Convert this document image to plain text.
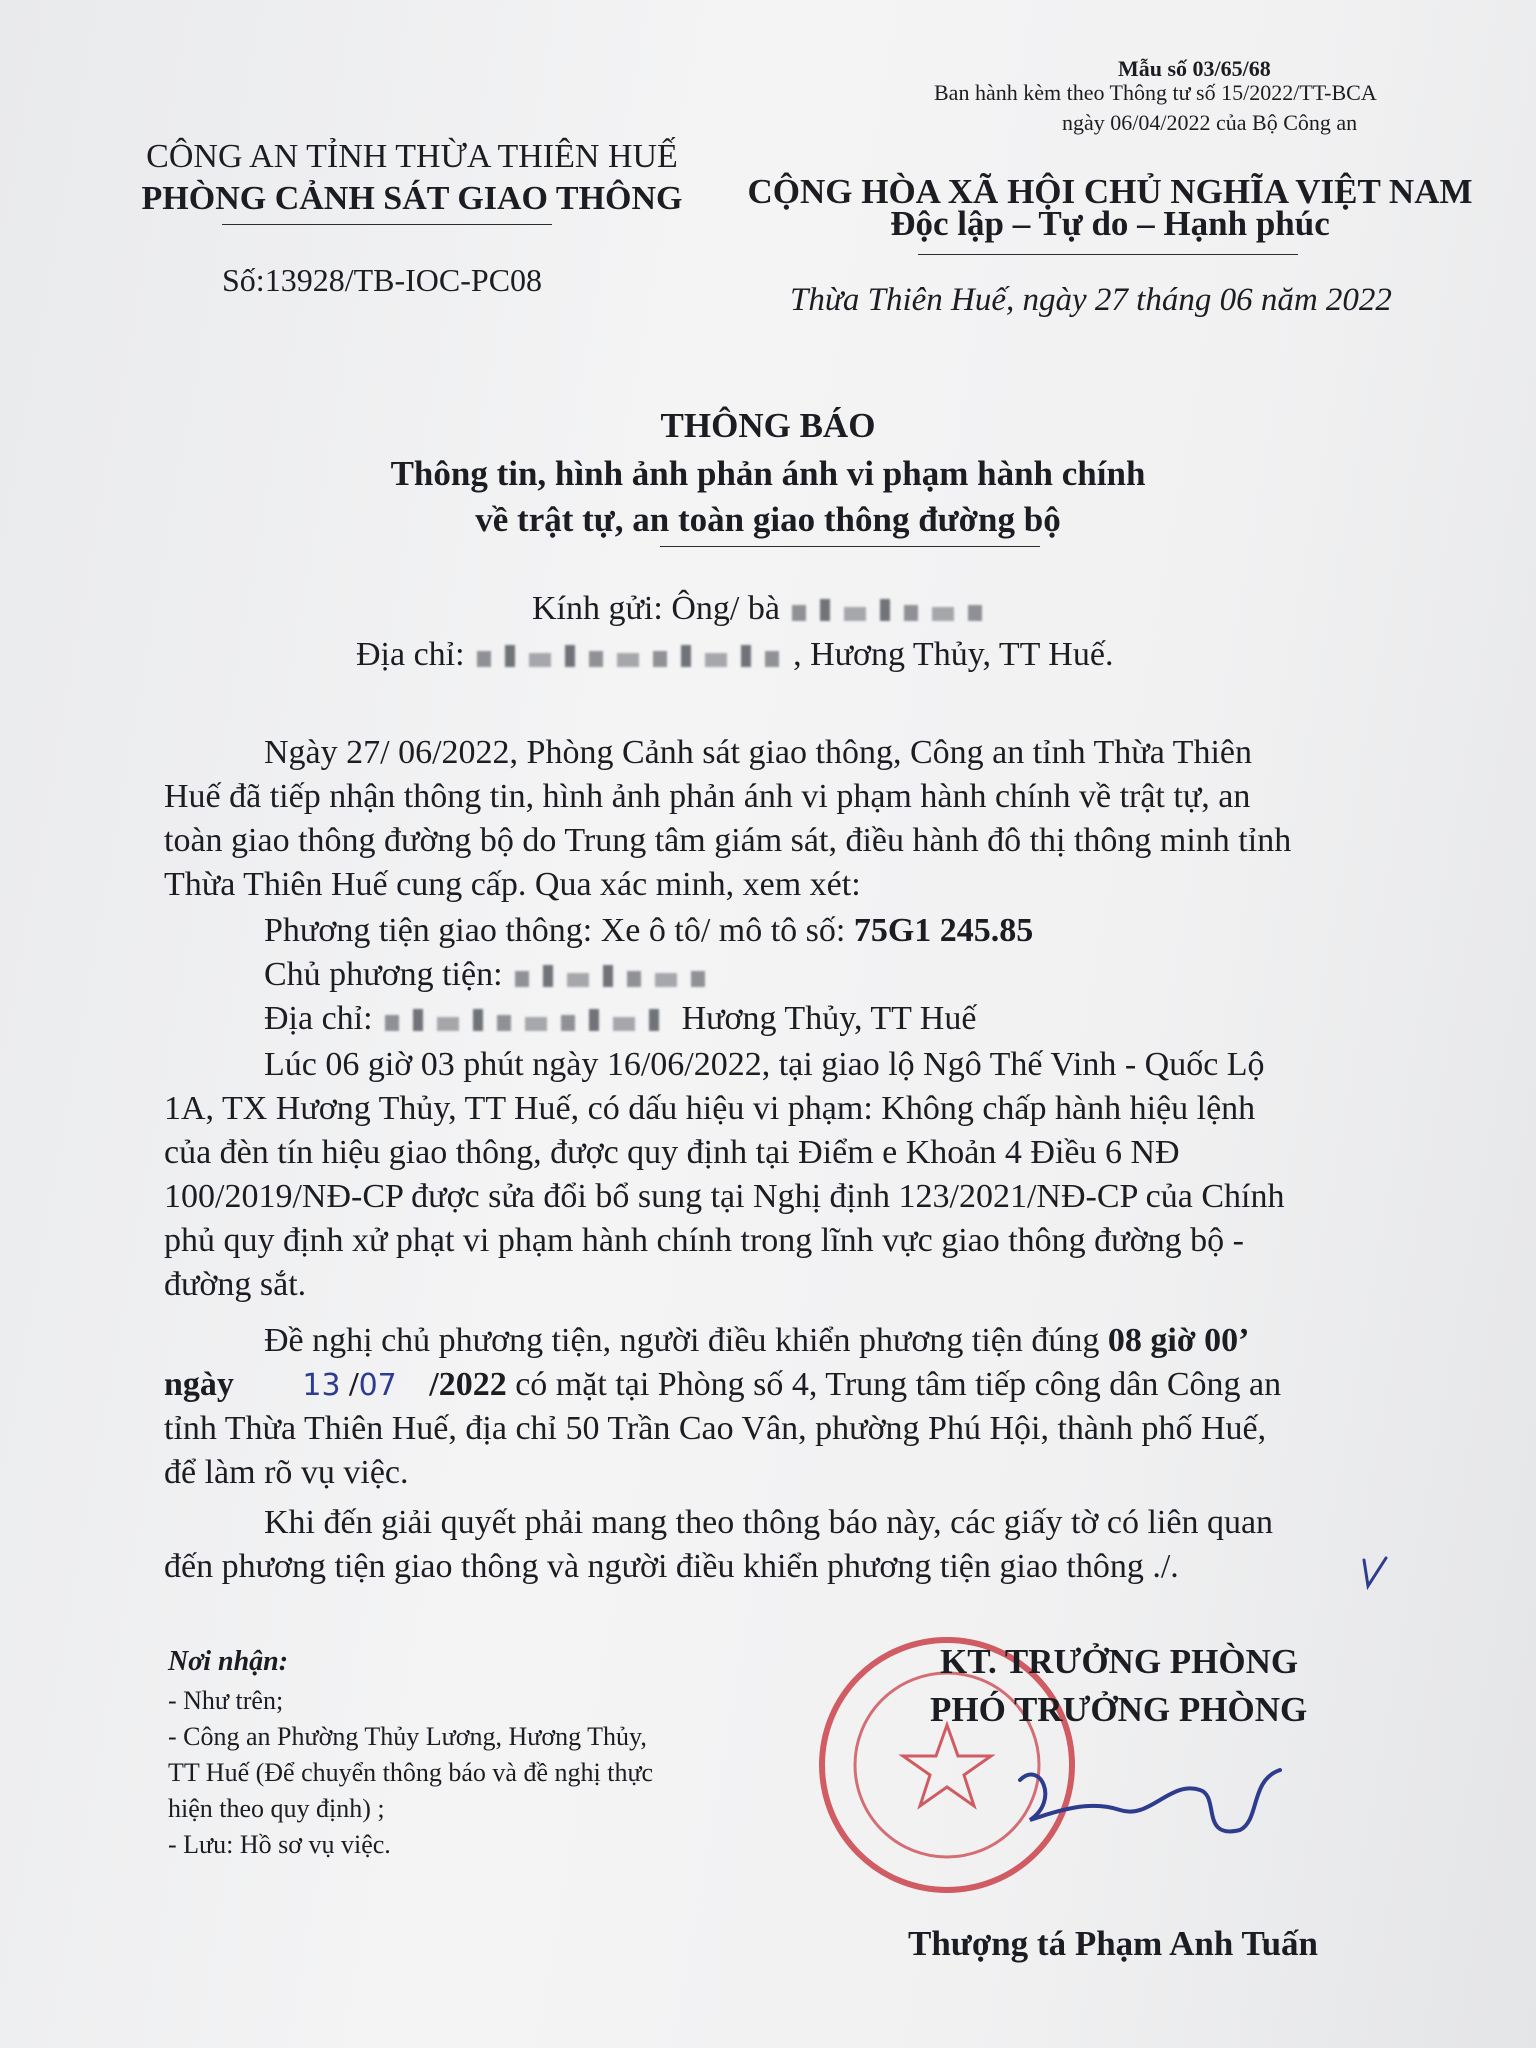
Mẫu số 03/65/68
Ban hành kèm theo Thông tư số 15/2022/TT-BCA
ngày 06/04/2022 của Bộ Công an
CÔNG AN TỈNH THỪA THIÊN HUẾ
PHÒNG CẢNH SÁT GIAO THÔNG
Số:13928/TB-IOC-PC08
CỘNG HÒA XÃ HỘI CHỦ NGHĨA VIỆT NAM
Độc lập – Tự do – Hạnh phúc
Thừa Thiên Huế, ngày 27 tháng 06 năm 2022
THÔNG BÁO
Thông tin, hình ảnh phản ánh vi phạm hành chính
về trật tự, an toàn giao thông đường bộ
Kính gửi: Ông/ bà
Địa chỉ:	, Hương Thủy, TT Huế.
Ngày 27/ 06/2022, Phòng Cảnh sát giao thông, Công an tỉnh Thừa Thiên
Huế đã tiếp nhận thông tin, hình ảnh phản ánh vi phạm hành chính về trật tự, an
toàn giao thông đường bộ do Trung tâm giám sát, điều hành đô thị thông minh tỉnh
Thừa Thiên Huế cung cấp. Qua xác minh, xem xét:
Phương tiện giao thông: Xe ô tô/ mô tô số: 75G1 245.85
Chủ phương tiện:
Địa chỉ:	Hương Thủy, TT Huế
Lúc 06 giờ 03 phút ngày 16/06/2022, tại giao lộ Ngô Thế Vinh - Quốc Lộ
1A, TX Hương Thủy, TT Huế, có dấu hiệu vi phạm: Không chấp hành hiệu lệnh
của đèn tín hiệu giao thông, được quy định tại Điểm e Khoản 4 Điều 6 NĐ
100/2019/NĐ-CP được sửa đổi bổ sung tại Nghị định 123/2021/NĐ-CP của Chính
phủ quy định xử phạt vi phạm hành chính trong lĩnh vực giao thông đường bộ -
đường sắt.
Đề nghị chủ phương tiện, người điều khiển phương tiện đúng 08 giờ 00’
ngày 13 /07 /2022 có mặt tại Phòng số 4, Trung tâm tiếp công dân Công an
tỉnh Thừa Thiên Huế, địa chỉ 50 Trần Cao Vân, phường Phú Hội, thành phố Huế,
để làm rõ vụ việc.
Khi đến giải quyết phải mang theo thông báo này, các giấy tờ có liên quan
đến phương tiện giao thông và người điều khiển phương tiện giao thông ./.
Nơi nhận:
- Như trên;
- Công an Phường Thủy Lương, Hương Thủy,
TT Huế (Để chuyển thông báo và đề nghị thực
hiện theo quy định) ;
- Lưu: Hồ sơ vụ việc.
KT. TRƯỞNG PHÒNG
PHÓ TRƯỞNG PHÒNG
Thượng tá Phạm Anh Tuấn
